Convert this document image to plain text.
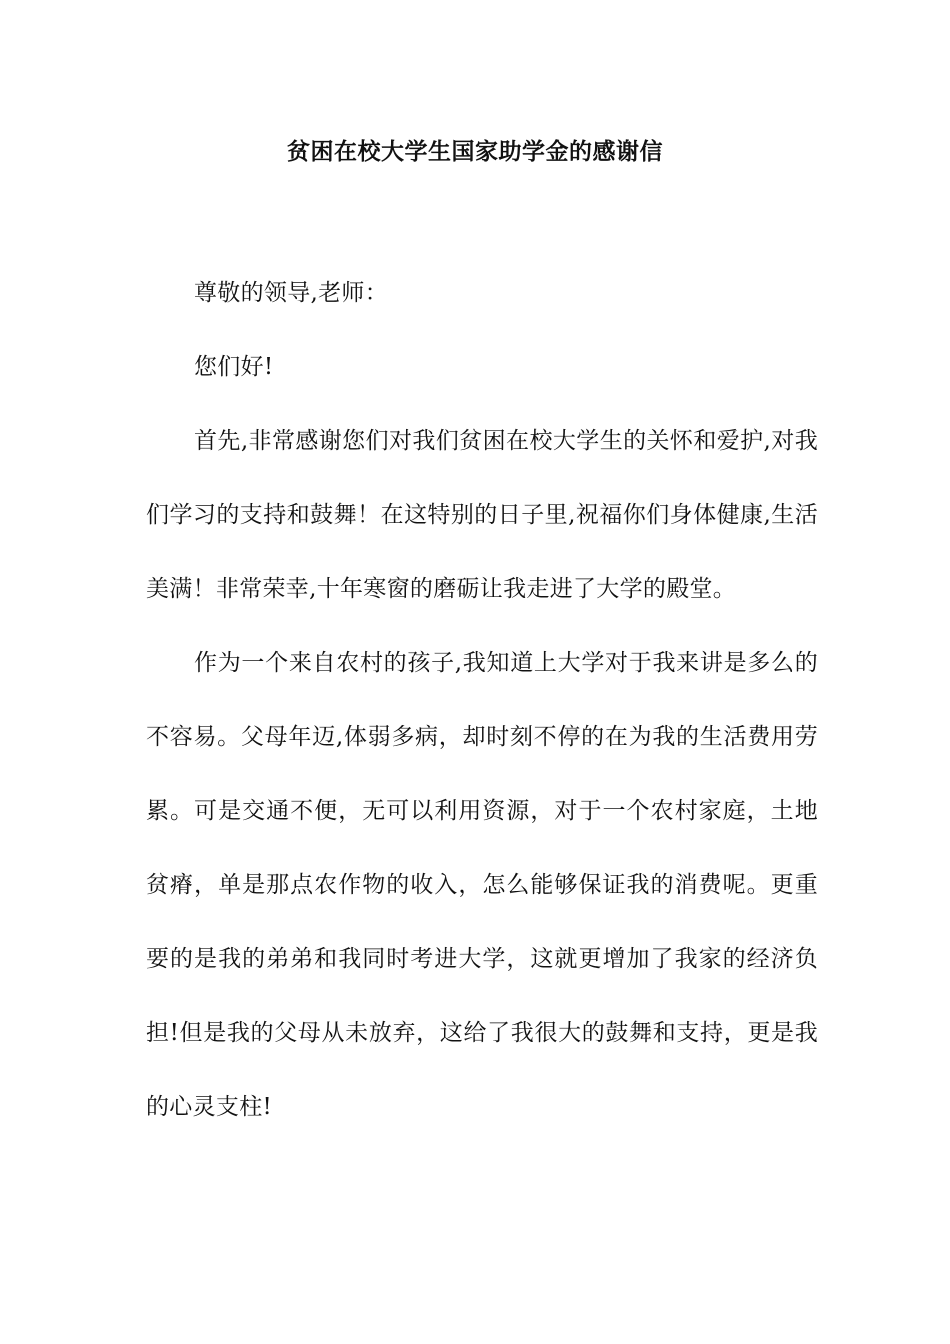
贫困在校大学生国家助学金的感谢信

尊敬的领导,老师：

您们好!

首先,非常感谢您们对我们贫困在校大学生的关怀和爱护,对我们学习的支持和鼓舞！在这特别的日子里,祝福你们身体健康,生活美满！非常荣幸,十年寒窗的磨砺让我走进了大学的殿堂。

作为一个来自农村的孩子,我知道上大学对于我来讲是多么的不容易。父母年迈,体弱多病，却时刻不停的在为我的生活费用劳累。可是交通不便，无可以利用资源，对于一个农村家庭，土地贫瘠，单是那点农作物的收入，怎么能够保证我的消费呢。更重要的是我的弟弟和我同时考进大学，这就更增加了我家的经济负担!但是我的父母从未放弃，这给了我很大的鼓舞和支持，更是我的心灵支柱!
